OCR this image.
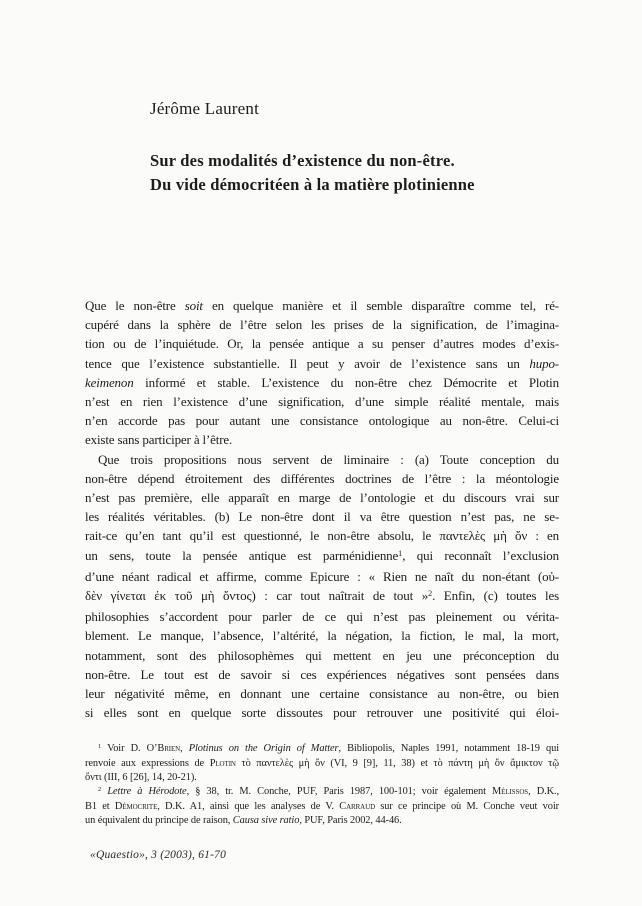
Jérôme Laurent
Sur des modalités d’existence du non-être.
Du vide démocritéen à la matière plotinienne
Que le non-être soit en quelque manière et il semble disparaître comme tel, ré-
cupéré dans la sphère de l’être selon les prises de la signification, de l’imagina-
tion ou de l’inquiétude. Or, la pensée antique a su penser d’autres modes d’exis-
tence que l’existence substantielle. Il peut y avoir de l’existence sans un hupo-
keimenon informé et stable. L’existence du non-être chez Démocrite et Plotin
n’est en rien l’existence d’une signification, d’une simple réalité mentale, mais
n’en accorde pas pour autant une consistance ontologique au non-être. Celui-ci
existe sans participer à l’être.
Que trois propositions nous servent de liminaire : (a) Toute conception du
non-être dépend étroitement des différentes doctrines de l’être : la méontologie
n’est pas première, elle apparaît en marge de l’ontologie et du discours vrai sur
les réalités véritables. (b) Le non-être dont il va être question n’est pas, ne se-
rait-ce qu’en tant qu’il est questionné, le non-être absolu, le παντελὲς μὴ ὄν : en
un sens, toute la pensée antique est parménidienne$^1$, qui reconnaît l’exclusion
d’une néant radical et affirme, comme Epicure : « Rien ne naît du non-étant (οὐ-
δὲν γίνεται ἐκ τοῦ μὴ ὄντος) : car tout naîtrait de tout »$^2$. Enfin, (c) toutes les
philosophies s’accordent pour parler de ce qui n’est pas pleinement ou vérita-
blement. Le manque, l’absence, l’altérité, la négation, la fiction, le mal, la mort,
notamment, sont des philosophèmes qui mettent en jeu une préconception du
non-être. Le tout est de savoir si ces expériences négatives sont pensées dans
leur négativité même, en donnant une certaine consistance au non-être, ou bien
si elles sont en quelque sorte dissoutes pour retrouver une positivité qui éloi-
$^1$ Voir D. O’Brien, Plotinus on the Origin of Matter, Bibliopolis, Naples 1991, notamment 18-19 qui
renvoie aux expressions de Plotin τὸ παντελὲς μὴ ὄν (VI, 9 [9], 11, 38) et τὸ πάντη μὴ ὄν ἄμικτον τῷ
ὄντι (III, 6 [26], 14, 20-21).
$^2$ Lettre à Hérodote, § 38, tr. M. Conche, PUF, Paris 1987, 100-101; voir également Mélissos, D.K.,
B1 et Démocrite, D.K. A1, ainsi que les analyses de V. Carraud sur ce principe où M. Conche veut voir
un équivalent du principe de raison, Causa sive ratio, PUF, Paris 2002, 44-46.
«Quaestio», 3 (2003), 61-70
